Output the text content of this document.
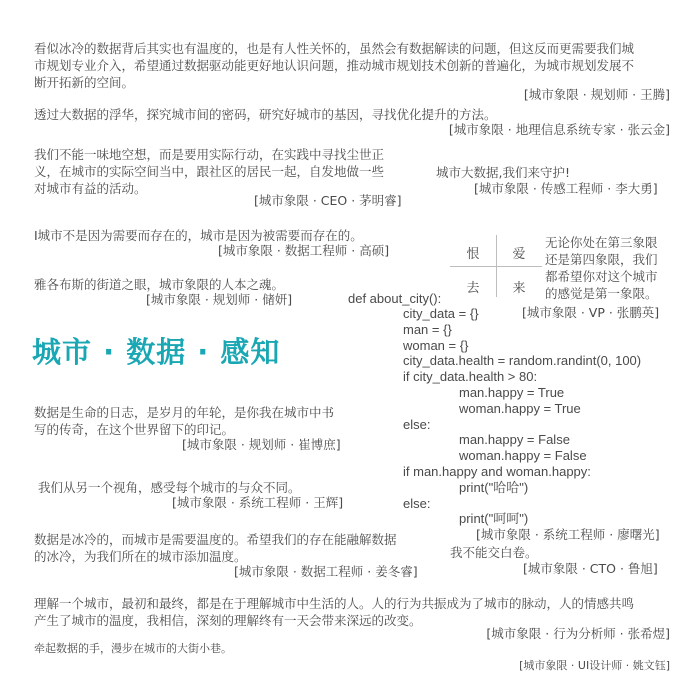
看似冰冷的数据背后其实也有温度的，也是有人性关怀的，虽然会有数据解读的问题，但这反而更需要我们城
市规划专业介入，希望通过数据驱动能更好地认识问题，推动城市规划技术创新的普遍化，为城市规划发展不
断开拓新的空间。
[城市象限 · 规划师 · 王腾]
透过大数据的浮华，探究城市间的密码，研究好城市的基因，寻找优化提升的方法。
[城市象限 · 地理信息系统专家 · 张云金]
我们不能一味地空想，而是要用实际行动，在实践中寻找尘世正
义，在城市的实际空间当中，跟社区的居民一起，自发地做一些
对城市有益的活动。
[城市象限 · CEO · 茅明睿]
城市大数据,我们来守护!
[城市象限 · 传感工程师 · 李大勇]
I城市不是因为需要而存在的，城市是因为被需要而存在的。
[城市象限 · 数据工程师 · 高硕]	恨	爱
去	来
无论你处在第三象限
还是第四象限，我们
都希望你对这个城市
的感觉是第一象限。
[城市象限 · VP · 张鹏英]
雅各布斯的街道之眼，城市象限的人本之魂。
[城市象限 · 规划师 · 储妍]
城市 · 数据 · 感知
def about_city():
city_data = {}
man = {}
woman = {}
city_data.health = random.randint(0, 100)
if city_data.health > 80:
man.happy = True
woman.happy = True
else:
man.happy = False
woman.happy = False
if man.happy and woman.happy:
print("哈哈")
else:
print("呵呵")
数据是生命的日志，是岁月的年轮，是你我在城市中书
写的传奇，在这个世界留下的印记。
[城市象限 · 规划师 · 崔博庶]
我们从另一个视角，感受每个城市的与众不同。
[城市象限 · 系统工程师 · 王辉]
[城市象限 · 系统工程师 · 廖曙光]
我不能交白卷。
[城市象限 · CTO · 鲁旭]
数据是冰冷的，而城市是需要温度的。希望我们的存在能融解数据
的冰冷，为我们所在的城市添加温度。
[城市象限 · 数据工程师 · 姜冬睿]
理解一个城市，最初和最终，都是在于理解城市中生活的人。人的行为共振成为了城市的脉动，人的情感共鸣
产生了城市的温度，我相信，深刻的理解终有一天会带来深远的改变。
[城市象限 · 行为分析师 · 张希煜]
牵起数据的手，漫步在城市的大街小巷。
[城市象限 · UI设计师 · 姚文钰]
